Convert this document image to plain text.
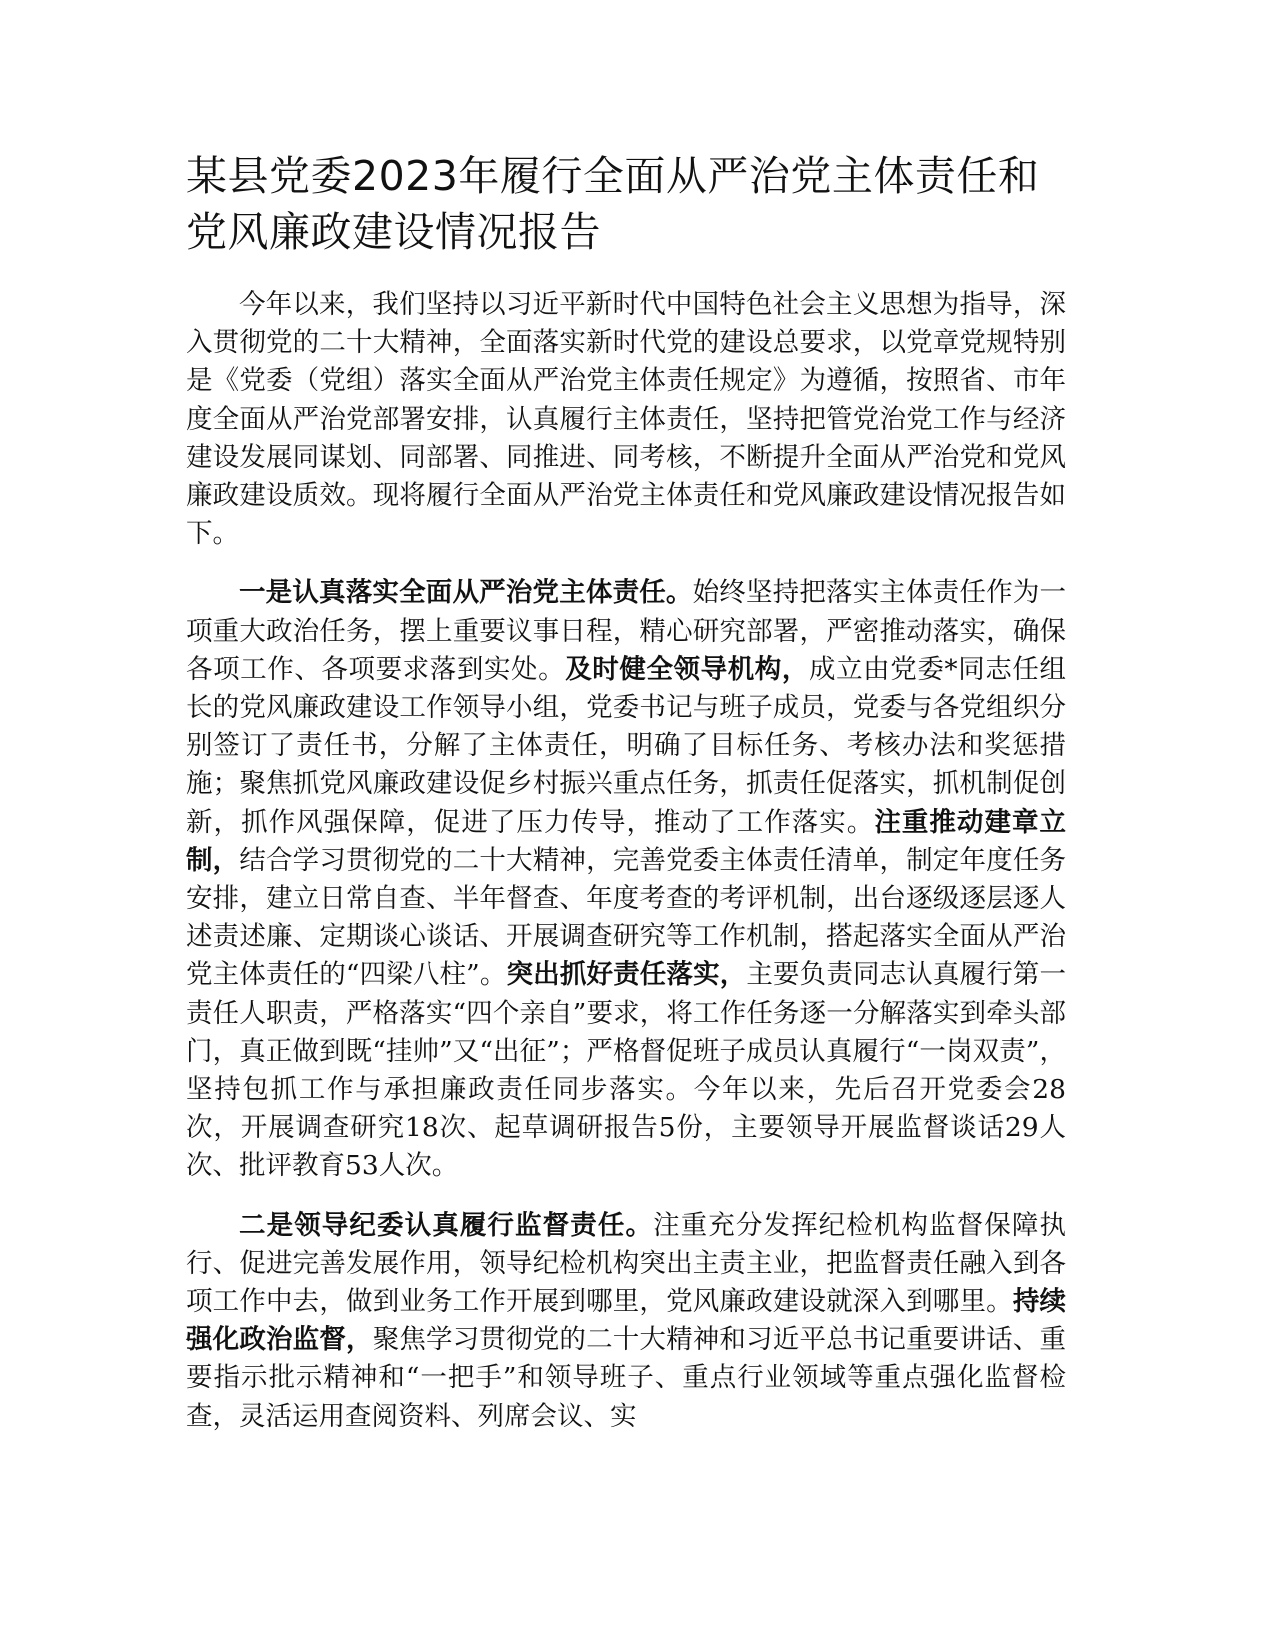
某县党委2023年履行全面从严治党主体责任和党风廉政建设情况报告

今年以来，我们坚持以习近平新时代中国特色社会主义思想为指导，深入贯彻党的二十大精神，全面落实新时代党的建设总要求，以党章党规特别是《党委（党组）落实全面从严治党主体责任规定》为遵循，按照省、市年度全面从严治党部署安排，认真履行主体责任，坚持把管党治党工作与经济建设发展同谋划、同部署、同推进、同考核，不断提升全面从严治党和党风廉政建设质效。现将履行全面从严治党主体责任和党风廉政建设情况报告如下。

一是认真落实全面从严治党主体责任。始终坚持把落实主体责任作为一项重大政治任务，摆上重要议事日程，精心研究部署，严密推动落实，确保各项工作、各项要求落到实处。及时健全领导机构，成立由党委*同志任组长的党风廉政建设工作领导小组，党委书记与班子成员，党委与各党组织分别签订了责任书，分解了主体责任，明确了目标任务、考核办法和奖惩措施；聚焦抓党风廉政建设促乡村振兴重点任务，抓责任促落实，抓机制促创新，抓作风强保障，促进了压力传导，推动了工作落实。注重推动建章立制，结合学习贯彻党的二十大精神，完善党委主体责任清单，制定年度任务安排，建立日常自查、半年督查、年度考查的考评机制，出台逐级逐层逐人述责述廉、定期谈心谈话、开展调查研究等工作机制，搭起落实全面从严治党主体责任的“四梁八柱”。突出抓好责任落实，主要负责同志认真履行第一责任人职责，严格落实“四个亲自”要求，将工作任务逐一分解落实到牵头部门，真正做到既“挂帅”又“出征”；严格督促班子成员认真履行“一岗双责”，坚持包抓工作与承担廉政责任同步落实。今年以来，先后召开党委会28次，开展调查研究18次、起草调研报告5份，主要领导开展监督谈话29人次、批评教育53人次。

二是领导纪委认真履行监督责任。注重充分发挥纪检机构监督保障执行、促进完善发展作用，领导纪检机构突出主责主业，把监督责任融入到各项工作中去，做到业务工作开展到哪里，党风廉政建设就深入到哪里。持续强化政治监督，聚焦学习贯彻党的二十大精神和习近平总书记重要讲话、重要指示批示精神和“一把手”和领导班子、重点行业领域等重点强化监督检查，灵活运用查阅资料、列席会议、实
